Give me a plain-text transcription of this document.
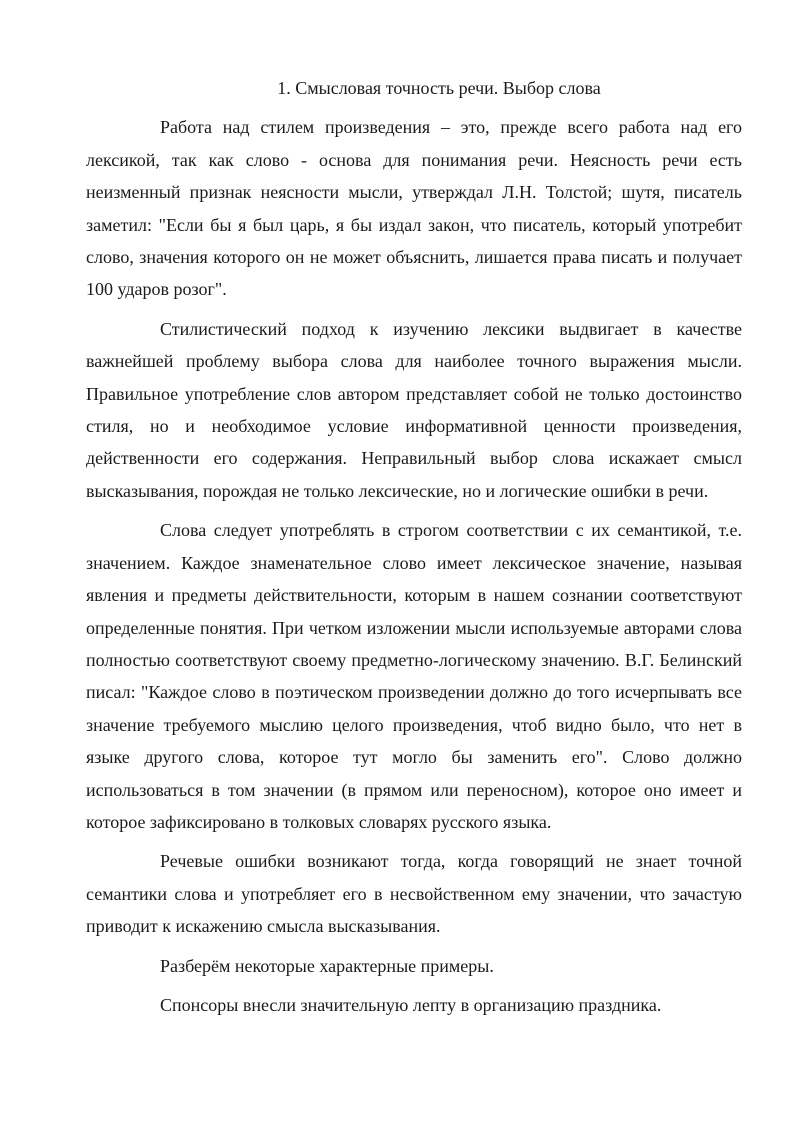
1. Смысловая точность речи. Выбор слова

Работа над стилем произведения – это, прежде всего работа над его лексикой, так как слово - основа для понимания речи. Неясность речи есть неизменный признак неясности мысли, утверждал Л.Н. Толстой; шутя, писатель заметил: "Если бы я был царь, я бы издал закон, что писатель, который употребит слово, значения которого он не может объяснить, лишается права писать и получает 100 ударов розог".

Стилистический подход к изучению лексики выдвигает в качестве важнейшей проблему выбора слова для наиболее точного выражения мысли. Правильное употребление слов автором представляет собой не только достоинство стиля, но и необходимое условие информативной ценности произведения, действенности его содержания. Неправильный выбор слова искажает смысл высказывания, порождая не только лексические, но и логические ошибки в речи.

Слова следует употреблять в строгом соответствии с их семантикой, т.е. значением. Каждое знаменательное слово имеет лексическое значение, называя явления и предметы действительности, которым в нашем сознании соответствуют определенные понятия. При четком изложении мысли используемые авторами слова полностью соответствуют своему предметно-логическому значению. В.Г. Белинский писал: "Каждое слово в поэтическом произведении должно до того исчерпывать все значение требуемого мыслию целого произведения, чтоб видно было, что нет в языке другого слова, которое тут могло бы заменить его". Слово должно использоваться в том значении (в прямом или переносном), которое оно имеет и которое зафиксировано в толковых словарях русского языка.

Речевые ошибки возникают тогда, когда говорящий не знает точной семантики слова и употребляет его в несвойственном ему значении, что зачастую приводит к искажению смысла высказывания.

Разберём некоторые характерные примеры.

Спонсоры внесли значительную лепту в организацию праздника.
